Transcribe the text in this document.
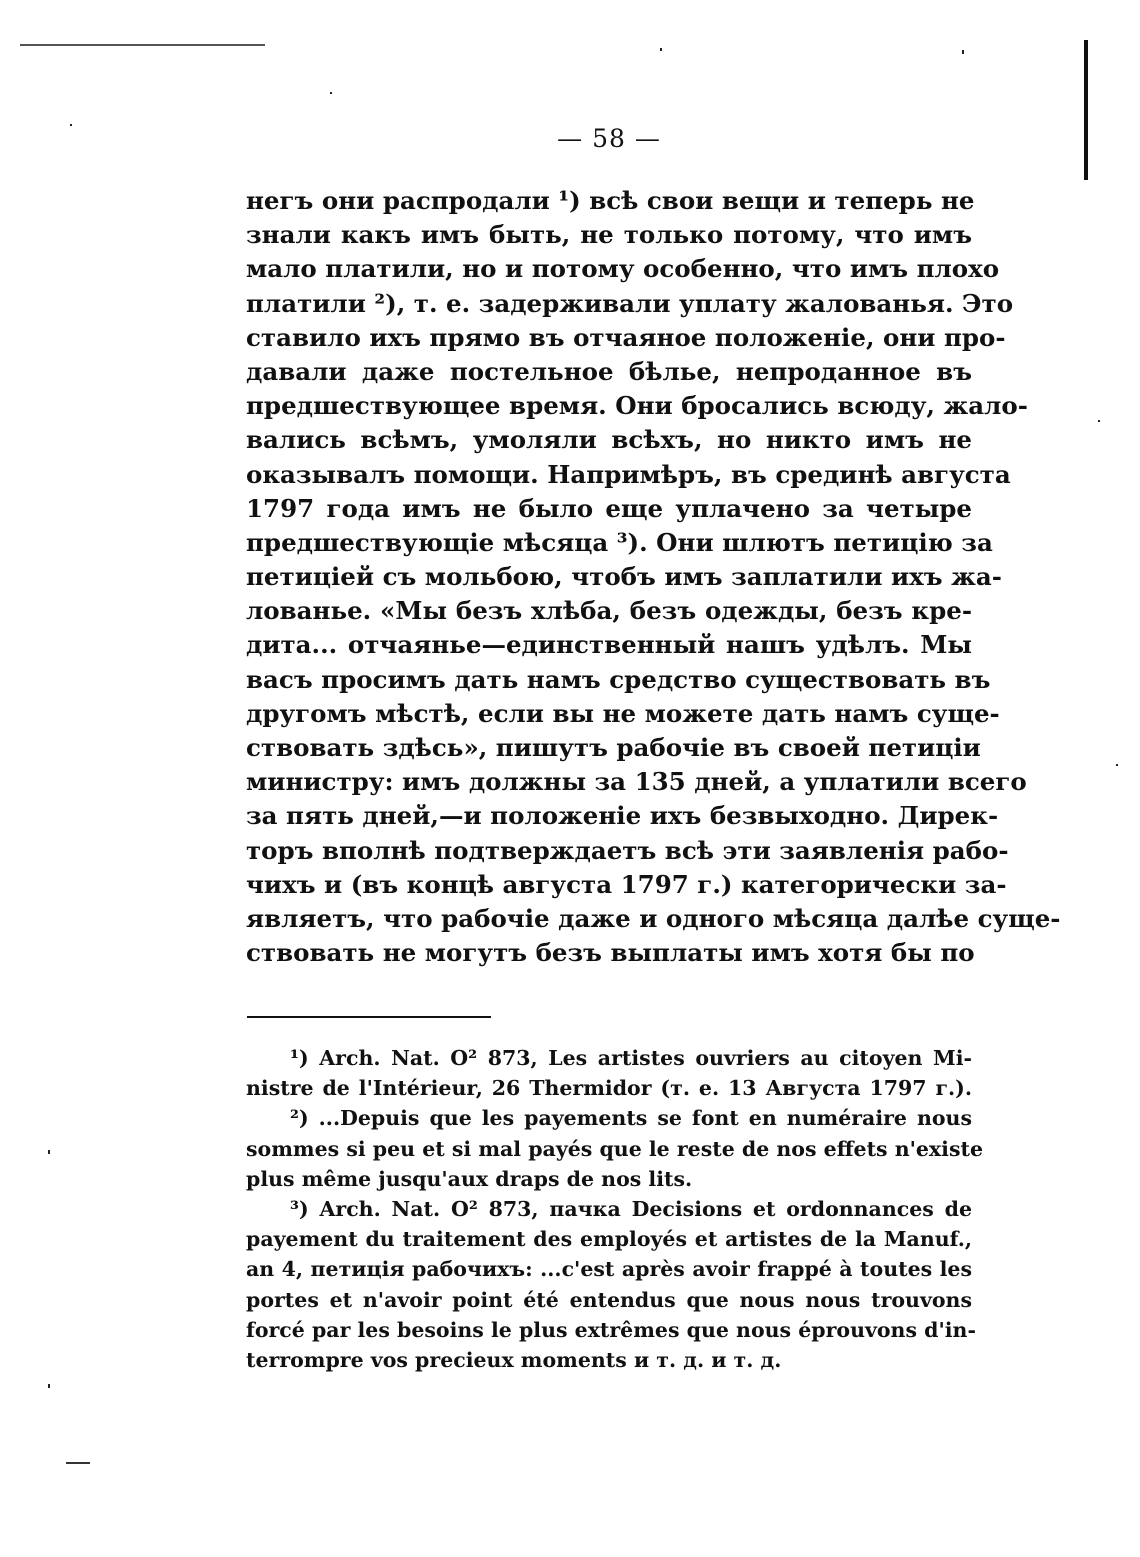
— 58 —
негъ они распродали ¹) всѣ свои вещи и теперь не
знали какъ имъ быть, не только потому, что имъ
мало платили, но и потому особенно, что имъ плохо
платили ²), т. е. задерживали уплату жалованья. Это
ставило ихъ прямо въ отчаяное положеніе, они про-
давали даже постельное бѣлье, непроданное въ
предшествующее время. Они бросались всюду, жало-
вались всѣмъ, умоляли всѣхъ, но никто имъ не
оказывалъ помощи. Напримѣръ, въ срединѣ августа
1797 года имъ не было еще уплачено за четыре
предшествующіе мѣсяца ³). Они шлютъ петицію за
петиціей съ мольбою, чтобъ имъ заплатили ихъ жа-
лованье. «Мы безъ хлѣба, безъ одежды, безъ кре-
дита... отчаянье—единственный нашъ удѣлъ. Мы
васъ просимъ дать намъ средство существовать въ
другомъ мѣстѣ, если вы не можете дать намъ суще-
ствовать здѣсь», пишутъ рабочіе въ своей петиціи
министру: имъ должны за 135 дней, а уплатили всего
за пять дней,—и положеніе ихъ безвыходно. Дирек-
торъ вполнѣ подтверждаетъ всѣ эти заявленія рабо-
чихъ и (въ концѣ августа 1797 г.) категорически за-
являетъ, что рабочіе даже и одного мѣсяца далѣе суще-
ствовать не могутъ безъ выплаты имъ хотя бы по
¹) Arch. Nat. O² 873, Les artistes ouvriers au citoyen Mi-
nistre de l'Intérieur, 26 Thermidor (т. е. 13 Августа 1797 г.).
²) ...Depuis que les payements se font en numéraire nous
sommes si peu et si mal payés que le reste de nos effets n'existe
plus même jusqu'aux draps de nos lits.
³) Arch. Nat. O² 873, пачка Decisions et ordonnances de
payement du traitement des employés et artistes de la Manuf.,
an 4, петиція рабочихъ: ...c'est après avoir frappé à toutes les
portes et n'avoir point été entendus que nous nous trouvons
forcé par les besoins le plus extrêmes que nous éprouvons d'in-
terrompre vos precieux moments и т. д. и т. д.
